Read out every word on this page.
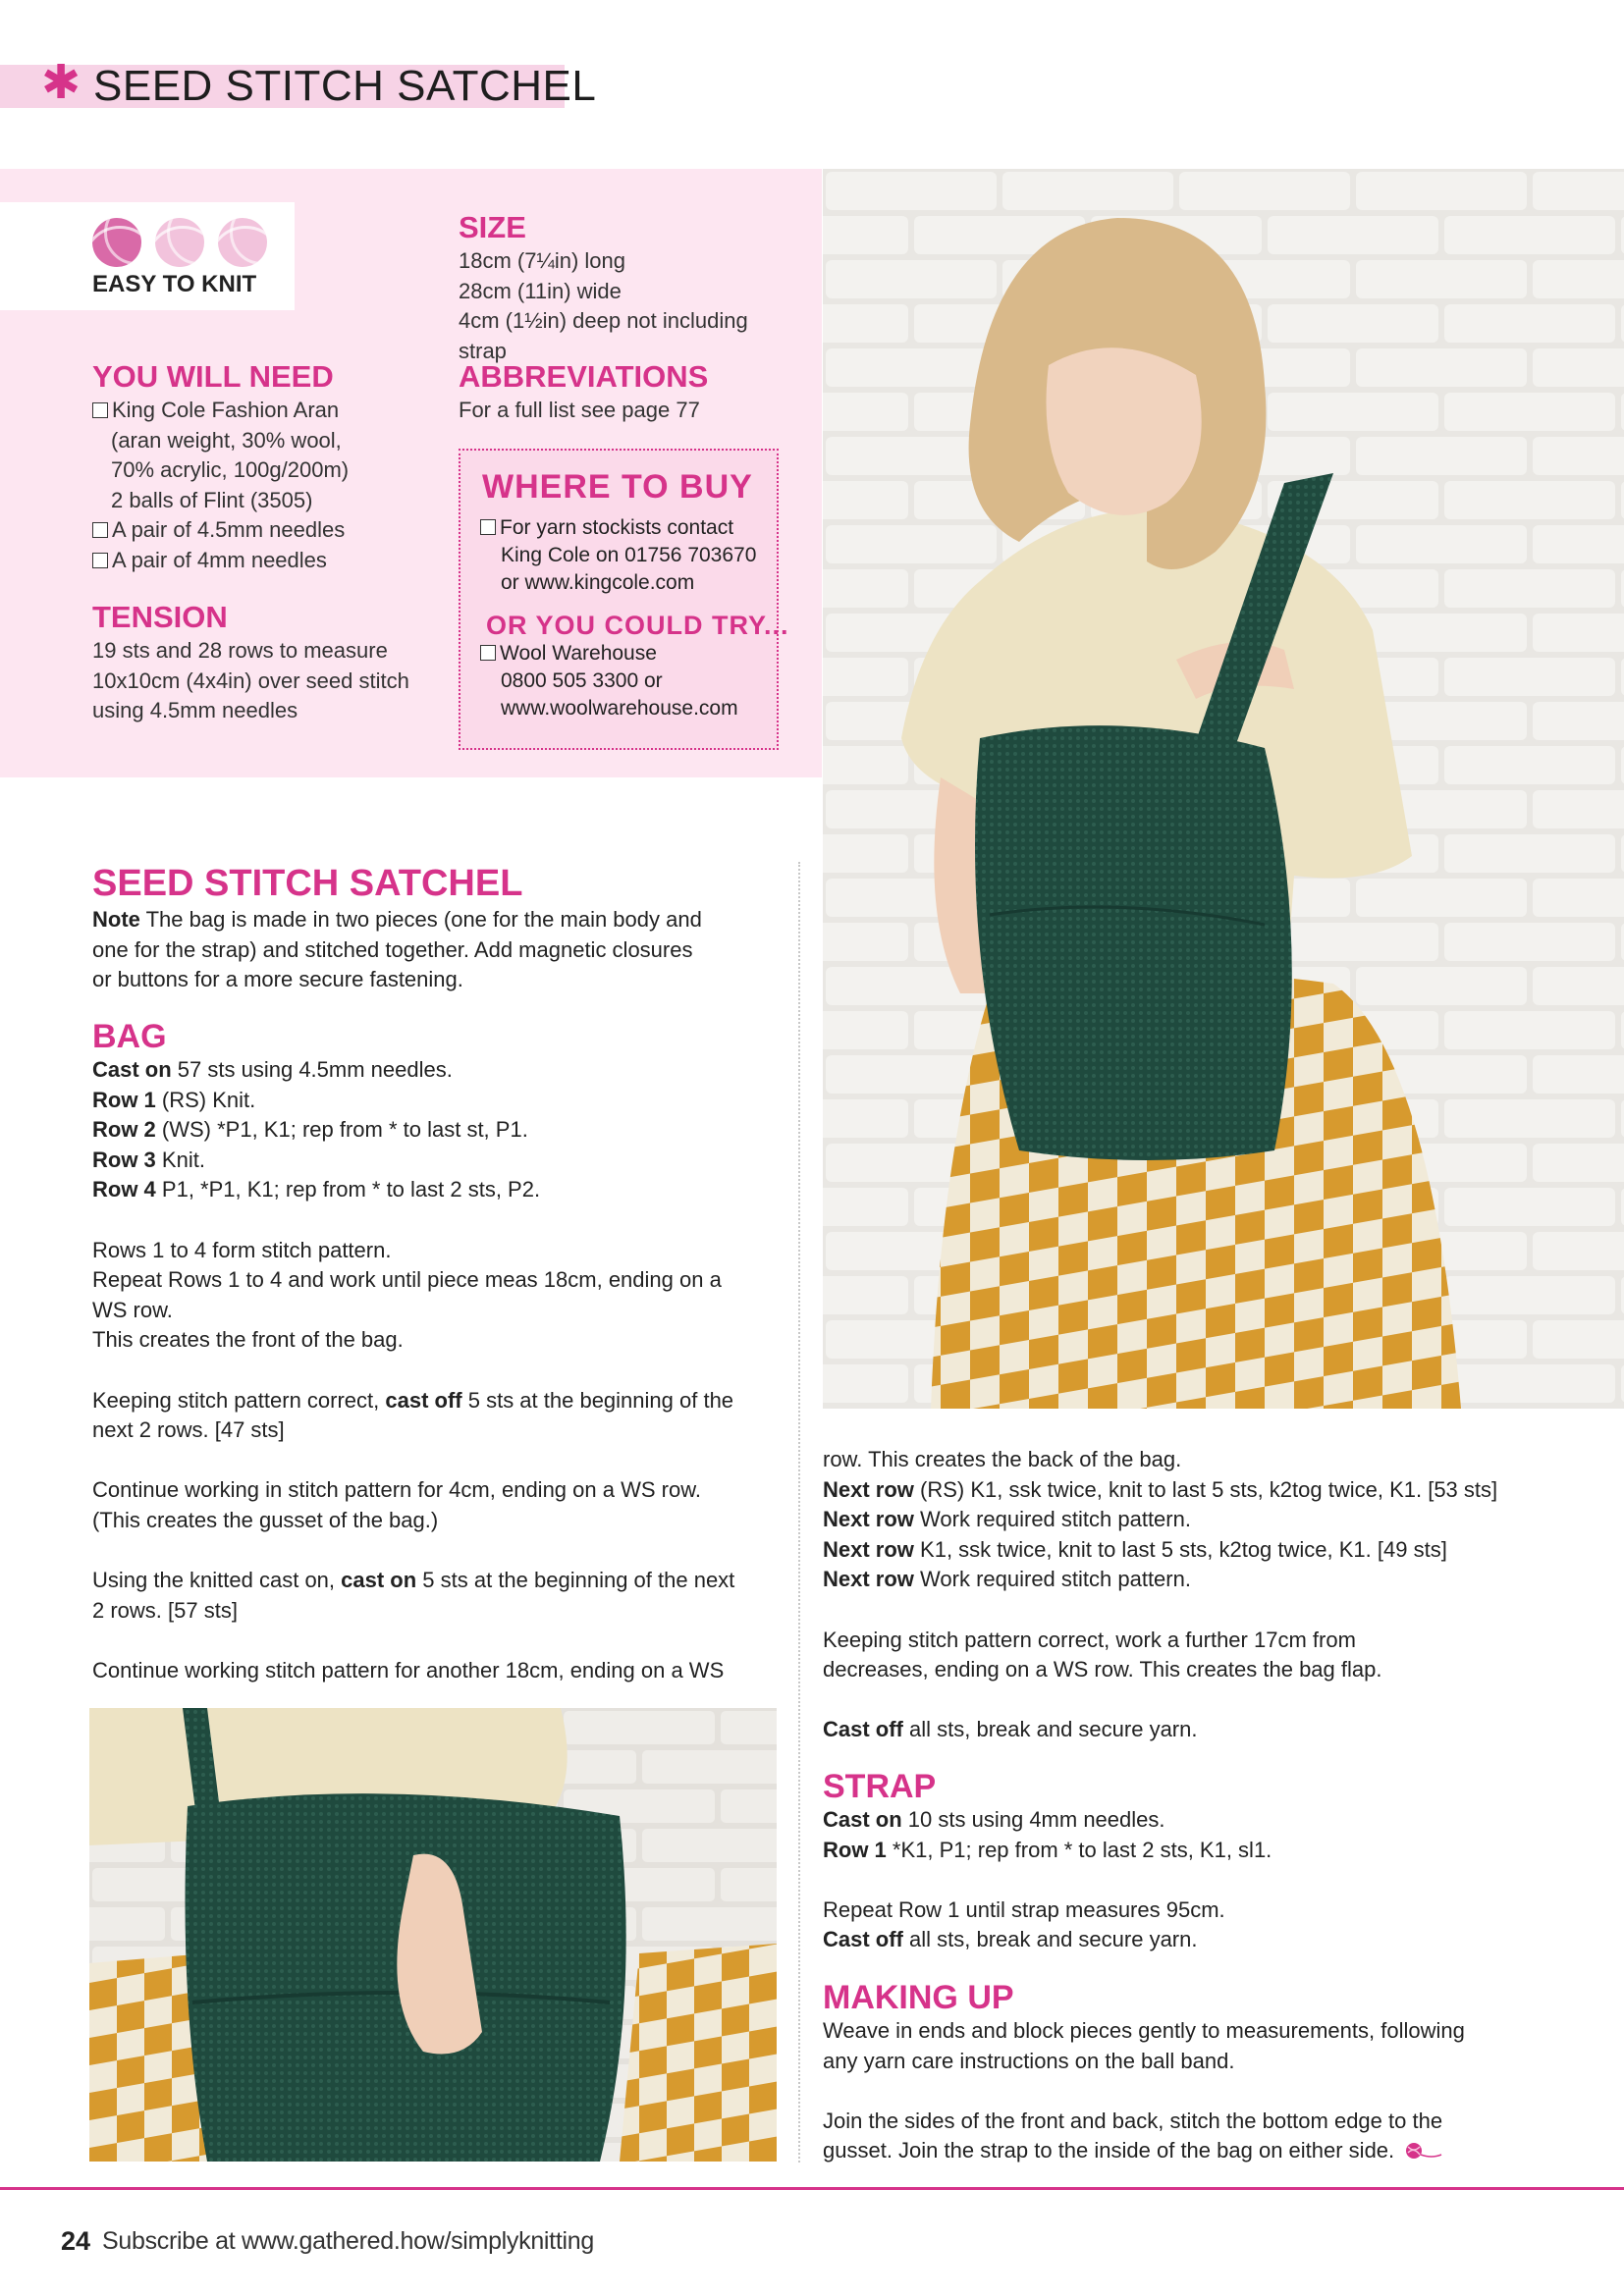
✱ SEED STITCH SATCHEL
EASY TO KNIT
YOU WILL NEED

King Cole Fashion Aran

(aran weight, 30% wool,

70% acrylic, 100g/200m)

2 balls of Flint (3505)

A pair of 4.5mm needles

A pair of 4mm needles

TENSION

19 sts and 28 rows to measure

10x10cm (4x4in) over seed stitch

using 4.5mm needles

SIZE

18cm (7¼in) long

28cm (11in) wide

4cm (1½in) deep not including strap

ABBREVIATIONS
For a full list see page 77
WHERE TO BUY
For yarn stockists contact
King Cole on 01756 703670
or www.kingcole.com
OR YOU COULD TRY...
Wool Warehouse
0800 505 3300 or
www.woolwarehouse.com
SEED STITCH SATCHEL

Note The bag is made in two pieces (one for the main body and

one for the strap) and stitched together. Add magnetic closures

or buttons for a more secure fastening.

BAG

Cast on 57 sts using 4.5mm needles.

Row 1 (RS) Knit.

Row 2 (WS) *P1, K1; rep from * to last st, P1.

Row 3 Knit.

Row 4 P1, *P1, K1; rep from * to last 2 sts, P2.

Rows 1 to 4 form stitch pattern.

Repeat Rows 1 to 4 and work until piece meas 18cm, ending on a

WS row.

This creates the front of the bag.

Keeping stitch pattern correct, cast off 5 sts at the beginning of the

next 2 rows. [47 sts]

Continue working in stitch pattern for 4cm, ending on a WS row.

(This creates the gusset of the bag.)

Using the knitted cast on, cast on 5 sts at the beginning of the next

2 rows. [57 sts]

Continue working stitch pattern for another 18cm, ending on a WS

row. This creates the back of the bag.

Next row (RS) K1, ssk twice, knit to last 5 sts, k2tog twice, K1. [53 sts]

Next row Work required stitch pattern.

Next row K1, ssk twice, knit to last 5 sts, k2tog twice, K1. [49 sts]

Next row Work required stitch pattern.

Keeping stitch pattern correct, work a further 17cm from

decreases, ending on a WS row. This creates the bag flap.

Cast off all sts, break and secure yarn.

STRAP

Cast on 10 sts using 4mm needles.

Row 1 *K1, P1; rep from * to last 2 sts, K1, sl1.

Repeat Row 1 until strap measures 95cm.

Cast off all sts, break and secure yarn.

MAKING UP

Weave in ends and block pieces gently to measurements, following

any yarn care instructions on the ball band.

Join the sides of the front and back, stitch the bottom edge to the

gusset. Join the strap to the inside of the bag on either side.

24 Subscribe at www.gathered.how/simplyknitting
